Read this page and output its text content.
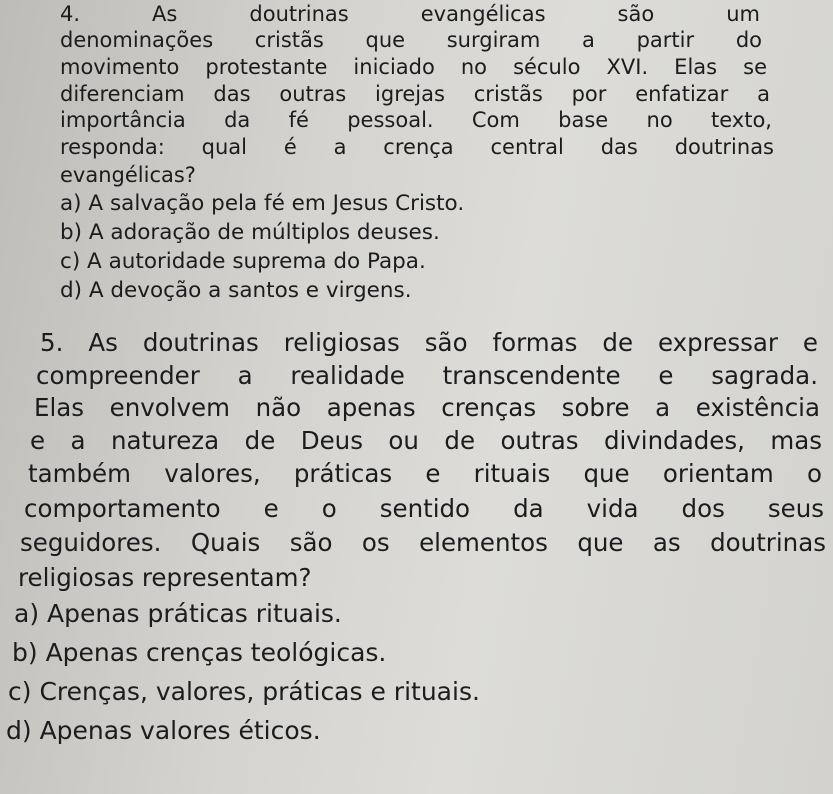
4. As doutrinas evangélicas são um
denominações cristãs que surgiram a partir do
movimento protestante iniciado no século XVI. Elas se
diferenciam das outras igrejas cristãs por enfatizar a
importância da fé pessoal. Com base no texto,
responda: qual é a crença central das doutrinas
evangélicas?
a) A salvação pela fé em Jesus Cristo.
b) A adoração de múltiplos deuses.
c) A autoridade suprema do Papa.
d) A devoção a santos e virgens.
5. As doutrinas religiosas são formas de expressar e
compreender a realidade transcendente e sagrada.
Elas envolvem não apenas crenças sobre a existência
e a natureza de Deus ou de outras divindades, mas
também valores, práticas e rituais que orientam o
comportamento e o sentido da vida dos seus
seguidores. Quais são os elementos que as doutrinas
religiosas representam?
a) Apenas práticas rituais.
b) Apenas crenças teológicas.
c) Crenças, valores, práticas e rituais.
d) Apenas valores éticos.
